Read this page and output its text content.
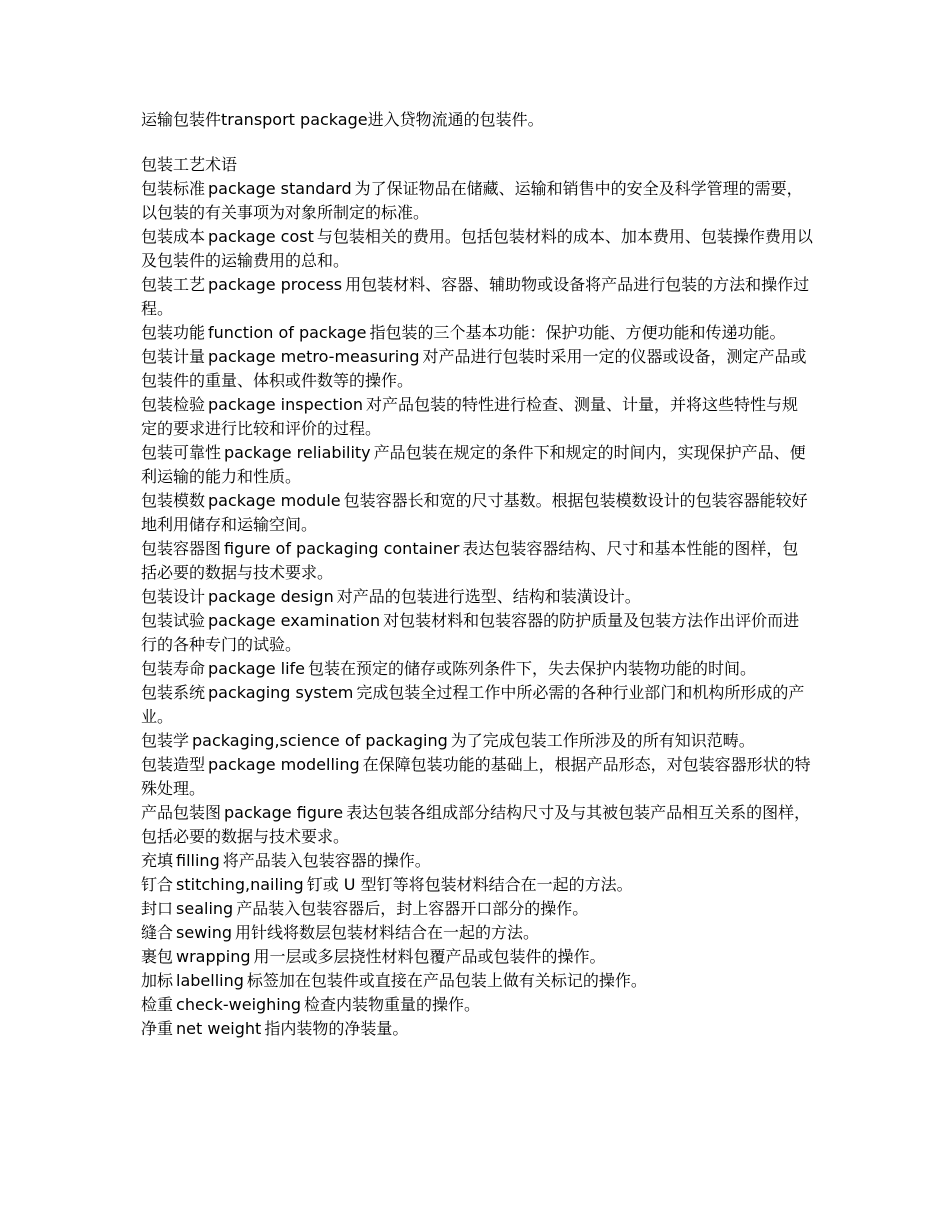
运输包装件transport package进入贷物流通的包装件。

包装工艺术语

包装标准 package standard 为了保证物品在储藏、运输和销售中的安全及科学管理的需要，以包装的有关事项为对象所制定的标准。
包装成本 package cost 与包装相关的费用。包括包装材料的成本、加本费用、包装操作费用以及包装件的运输费用的总和。
包装工艺 package process 用包装材料、容器、辅助物或设备将产品进行包装的方法和操作过程。
包装功能 function of package 指包装的三个基本功能：保护功能、方便功能和传递功能。
包装计量 package metro-measuring 对产品进行包装时采用一定的仪器或设备，测定产品或包装件的重量、体积或件数等的操作。
包装检验 package inspection 对产品包装的特性进行检查、测量、计量，并将这些特性与规定的要求进行比较和评价的过程。
包装可靠性 package reliability 产品包装在规定的条件下和规定的时间内，实现保护产品、便利运输的能力和性质。
包装模数 package module 包装容器长和宽的尺寸基数。根据包装模数设计的包装容器能较好地利用储存和运输空间。
包装容器图 figure of packaging container 表达包装容器结构、尺寸和基本性能的图样，包括必要的数据与技术要求。
包装设计 package design 对产品的包装进行选型、结构和装潢设计。
包装试验 package examination 对包装材料和包装容器的防护质量及包装方法作出评价而进行的各种专门的试验。
包装寿命 package life 包装在预定的储存或陈列条件下，失去保护内装物功能的时间。
包装系统 packaging system 完成包装全过程工作中所必需的各种行业部门和机构所形成的产业。
包装学 packaging,science of packaging 为了完成包装工作所涉及的所有知识范畴。
包装造型 package modelling 在保障包装功能的基础上，根据产品形态，对包装容器形状的特殊处理。
产品包装图 package figure 表达包装各组成部分结构尺寸及与其被包装产品相互关系的图样，包括必要的数据与技术要求。
充填 filling 将产品装入包装容器的操作。
钉合 stitching,nailing 钉或 U 型钉等将包装材料结合在一起的方法。
封口 sealing 产品装入包装容器后，封上容器开口部分的操作。
缝合 sewing 用针线将数层包装材料结合在一起的方法。
裹包 wrapping 用一层或多层挠性材料包覆产品或包装件的操作。
加标 labelling 标签加在包装件或直接在产品包装上做有关标记的操作。
检重 check-weighing 检查内装物重量的操作。
净重 net weight 指内装物的净装量。
